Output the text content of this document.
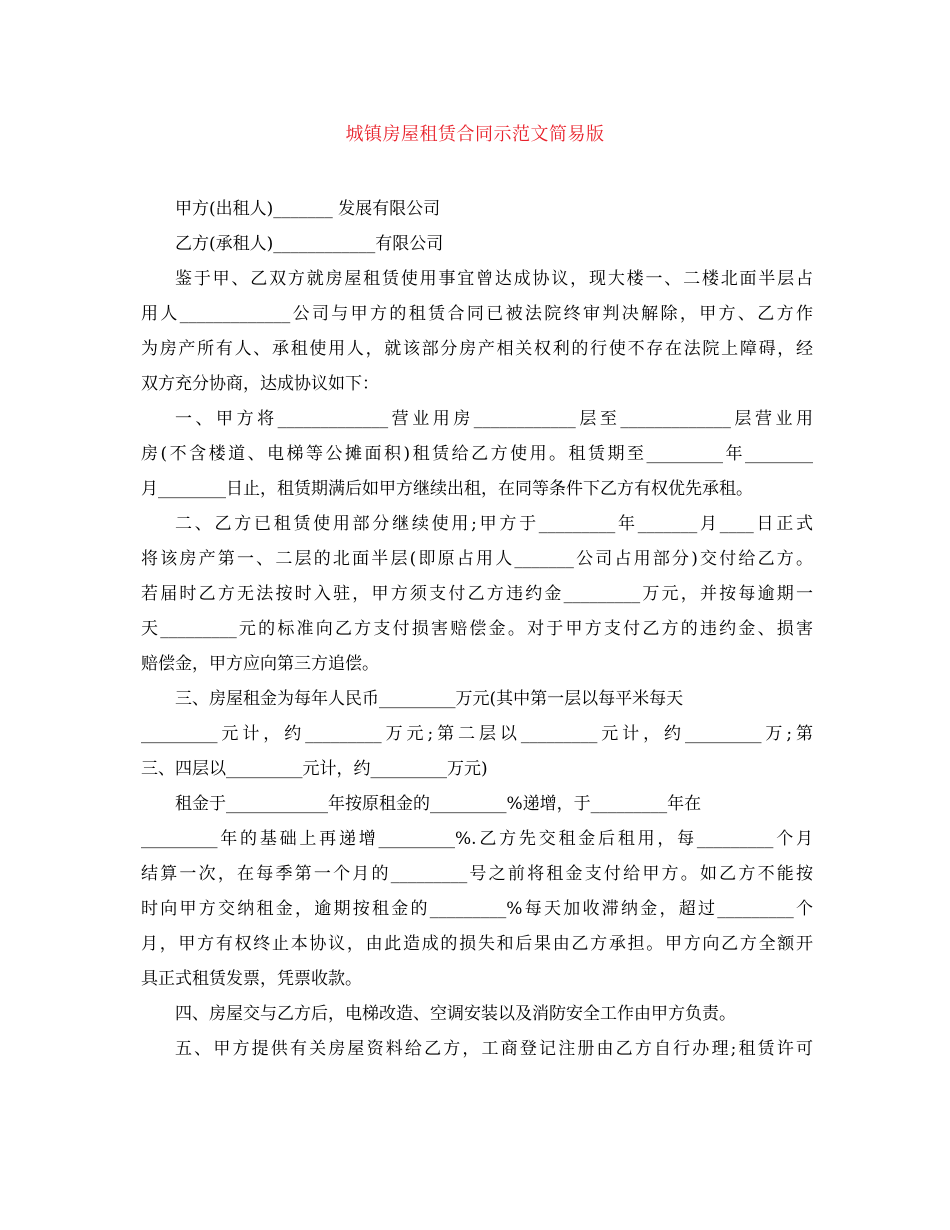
城镇房屋租赁合同示范文简易版
甲方(出租人)_______ 发展有限公司
乙方(承租人)____________有限公司
鉴于甲、乙双方就房屋租赁使用事宜曾达成协议，现大楼一、二楼北面半层占
用人_____________公司与甲方的租赁合同已被法院终审判决解除，甲方、乙方作
为房产所有人、承租使用人，就该部分房产相关权利的行使不存在法院上障碍，经
双方充分协商，达成协议如下：
一、甲方将_____________营业用房____________层至_____________层营业用
房(不含楼道、电梯等公摊面积)租赁给乙方使用。租赁期至_________年________
月________日止，租赁期满后如甲方继续出租，在同等条件下乙方有权优先承租。
二、乙方已租赁使用部分继续使用;甲方于_________年_______月____日正式
将该房产第一、二层的北面半层(即原占用人_______公司占用部分)交付给乙方。
若届时乙方无法按时入驻，甲方须支付乙方违约金_________万元，并按每逾期一
天_________元的标准向乙方支付损害赔偿金。对于甲方支付乙方的违约金、损害
赔偿金，甲方应向第三方追偿。
三、房屋租金为每年人民币_________万元(其中第一层以每平米每天
_________元计，约_________万元;第二层以_________元计，约_________万;第
三、四层以_________元计，约_________万元)
租金于____________年按原租金的_________%递增，于_________年在
_________年的基础上再递增_________%.乙方先交租金后租用，每_________个月
结算一次，在每季第一个月的_________号之前将租金支付给甲方。如乙方不能按
时向甲方交纳租金，逾期按租金的_________%每天加收滞纳金，超过_________个
月，甲方有权终止本协议，由此造成的损失和后果由乙方承担。甲方向乙方全额开
具正式租赁发票，凭票收款。
四、房屋交与乙方后，电梯改造、空调安装以及消防安全工作由甲方负责。
五、甲方提供有关房屋资料给乙方，工商登记注册由乙方自行办理;租赁许可
